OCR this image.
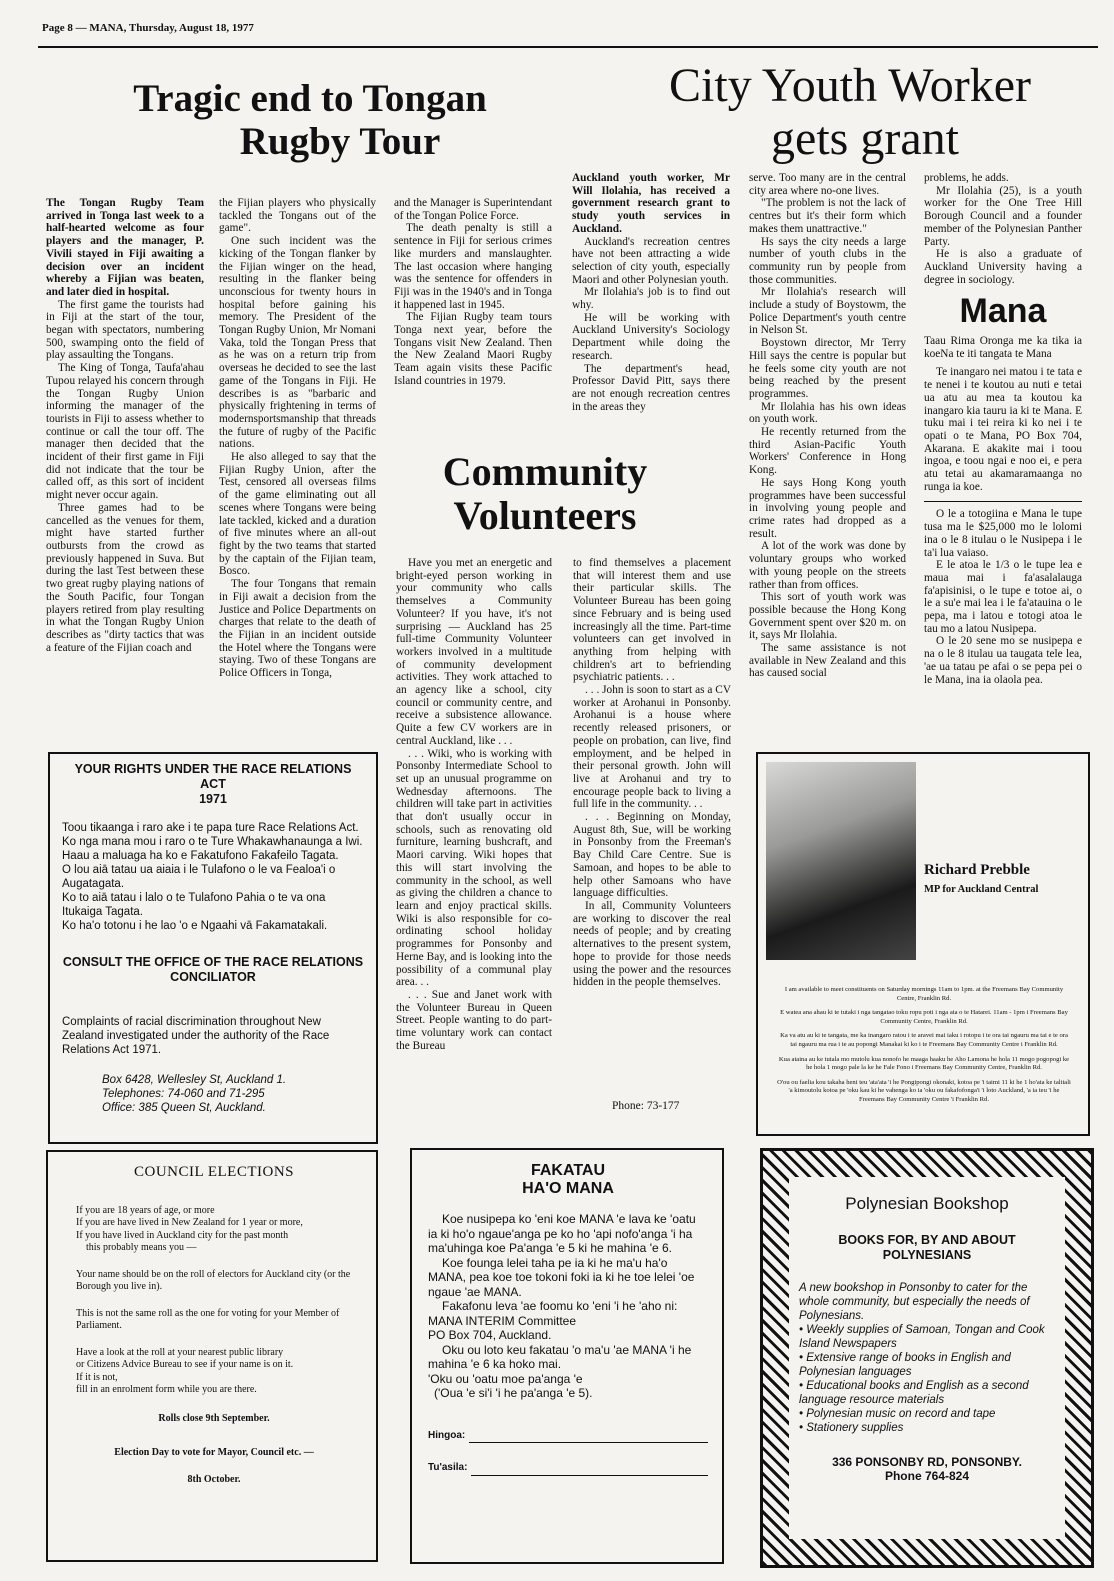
Page 8 — MANA, Thursday, August 18, 1977
Tragic end to Tongan
Rugby Tour

The Tongan Rugby Team arrived in Tonga last week to a half-hearted welcome as four players and the manager, P. Vivili stayed in Fiji awaiting a decision over an incident whereby a Fijian was beaten, and later died in hospital.

The first game the tourists had in Fiji at the start of the tour, began with spectators, numbering 500, swamping onto the field of play assaulting the Tongans.

The King of Tonga, Taufa'ahau Tupou relayed his concern through the Tongan Rugby Union informing the manager of the tourists in Fiji to assess whether to continue or call the tour off. The manager then decided that the incident of their first game in Fiji did not indicate that the tour be called off, as this sort of incident might never occur again.

Three games had to be cancelled as the venues for them, might have started further outbursts from the crowd as previously happened in Suva. But during the last Test between these two great rugby playing nations of the South Pacific, four Tongan players retired from play resulting in what the Tongan Rugby Union describes as "dirty tactics that was a feature of the Fijian coach and

the Fijian players who physically tackled the Tongans out of the game".

One such incident was the kicking of the Tongan flanker by the Fijian winger on the head, resulting in the flanker being unconscious for twenty hours in hospital before gaining his memory. The President of the Tongan Rugby Union, Mr Nomani Vaka, told the Tongan Press that as he was on a return trip from overseas he decided to see the last game of the Tongans in Fiji. He describes is as "barbaric and physically frightening in terms of modernsportsmanship that threads the future of rugby of the Pacific nations.

He also alleged to say that the Fijian Rugby Union, after the Test, censored all overseas films of the game eliminating out all scenes where Tongans were being late tackled, kicked and a duration of five minutes where an all-out fight by the two teams that started by the captain of the Fijian team, Bosco.

The four Tongans that remain in Fiji await a decision from the Justice and Police Departments on charges that relate to the death of the Fijian in an incident outside the Hotel where the Tongans were staying. Two of these Tongans are Police Officers in Tonga,

and the Manager is Superintendant of the Tongan Police Force.

The death penalty is still a sentence in Fiji for serious crimes like murders and manslaughter. The last occasion where hanging was the sentence for offenders in Fiji was in the 1940's and in Tonga it happened last in 1945.

The Fijian Rugby team tours Tonga next year, before the Tongans visit New Zealand. Then the New Zealand Maori Rugby Team again visits these Pacific Island countries in 1979.

City Youth Worker
gets grant

Auckland youth worker, Mr Will Ilolahia, has received a government research grant to study youth services in Auckland.

Auckland's recreation centres have not been attracting a wide selection of city youth, especially Maori and other Polynesian youth.

Mr Ilolahia's job is to find out why.

He will be working with Auckland University's Sociology Department while doing the research.

The department's head, Professor David Pitt, says there are not enough recreation centres in the areas they

serve. Too many are in the central city area where no-one lives.

"The problem is not the lack of centres but it's their form which makes them unattractive."

Hs says the city needs a large number of youth clubs in the community run by people from those communities.

Mr Ilolahia's research will include a study of Boystowm, the Police Department's youth centre in Nelson St.

Boystown director, Mr Terry Hill says the centre is popular but he feels some city youth are not being reached by the present programmes.

Mr Ilolahia has his own ideas on youth work.

He recently returned from the third Asian-Pacific Youth Workers' Conference in Hong Kong.

He says Hong Kong youth programmes have been successful in involving young people and crime rates had dropped as a result.

A lot of the work was done by voluntary groups who worked with young people on the streets rather than from offices.

This sort of youth work was possible because the Hong Kong Government spent over $20 m. on it, says Mr Ilolahia.

The same assistance is not available in New Zealand and this has caused social

problems, he adds.

Mr Ilolahia (25), is a youth worker for the One Tree Hill Borough Council and a founder member of the Polynesian Panther Party.

He is also a graduate of Auckland University having a degree in sociology.

Mana

Taau Rima Oronga me ka tika ia koeNa te iti tangata te Mana

Te inangaro nei matou i te tata e te nenei i te koutou au nuti e tetai ua atu au mea ta koutou ka inangaro kia tauru ia ki te Mana. E tuku mai i tei reira ki ko nei i te opati o te Mana, PO Box 704, Akarana. E akakite mai i toou ingoa, e toou ngai e noo ei, e pera atu tetai au akamaramaanga no runga ia koe.

O le a totogiina e Mana le tupe tusa ma le $25,000 mo le lolomi ina o le 8 itulau o le Nusipepa i le ta'i lua vaiaso.

E le atoa le 1/3 o le tupe lea e maua mai i fa'asalalauga fa'apisinisi, o le tupe e totoe ai, o le a su'e mai lea i le fa'atauina o le pepa, ma i latou e totogi atoa le tau mo a latou Nusipepa.

O le 20 sene mo se nusipepa e na o le 8 itulau ua taugata tele lea, 'ae ua tatau pe afai o se pepa pei o le Mana, ina ia olaola pea.

Community
Volunteers

Have you met an energetic and bright-eyed person working in your community who calls themselves a Community Volunteer? If you have, it's not surprising — Auckland has 25 full-time Community Volunteer workers involved in a multitude of community development activities. They work attached to an agency like a school, city council or community centre, and receive a subsistence allowance. Quite a few CV workers are in central Auckland, like . . .

. . . Wiki, who is working with Ponsonby Intermediate School to set up an unusual programme on Wednesday afternoons. The children will take part in activities that don't usually occur in schools, such as renovating old furniture, learning bushcraft, and Maori carving. Wiki hopes that this will start involving the community in the school, as well as giving the children a chance to learn and enjoy practical skills. Wiki is also responsible for co-ordinating school holiday programmes for Ponsonby and Herne Bay, and is looking into the possibility of a communal play area. . .

. . . Sue and Janet work with the Volunteer Bureau in Queen Street. People wanting to do part-time voluntary work can contact the Bureau

to find themselves a placement that will interest them and use their particular skills. The Volunteer Bureau has been going since February and is being used increasingly all the time. Part-time volunteers can get involved in anything from helping with children's art to befriending psychiatric patients. . .

. . . John is soon to start as a CV worker at Arohanui in Ponsonby. Arohanui is a house where recently released prisoners, or people on probation, can live, find employment, and be helped in their personal growth. John will live at Arohanui and try to encourage people back to living a full life in the community. . .

. . . Beginning on Monday, August 8th, Sue, will be working in Ponsonby from the Freeman's Bay Child Care Centre. Sue is Samoan, and hopes to be able to help other Samoans who have language difficulties.

In all, Community Volunteers are working to discover the real needs of people; and by creating alternatives to the present system, hope to provide for those needs using the power and the resources hidden in the people themselves.

Phone: 73-177
YOUR RIGHTS UNDER THE RACE RELATIONS ACT
1971
Toou tikaanga i raro ake i te papa ture Race Relations Act.
Ko nga mana mou i raro o te Ture Whakawhanaunga a Iwi.
Haau a maluaga ha ko e Fakatufono Fakafeilo Tagata.
O lou aiā tatau ua aiaia i le Tulafono o le va Fealoa'i o Augatagata.
Ko to aiā tatau i lalo o te Tulafono Pahia o te va ona Itukaiga Tagata.
Ko ha'o totonu i he lao 'o e Ngaahi vā Fakamatakali.
CONSULT THE OFFICE OF THE RACE RELATIONS
CONCILIATOR
Complaints of racial discrimination throughout New Zealand investigated under the authority of the Race Relations Act 1971.
Box 6428, Wellesley St, Auckland 1.
Telephones: 74-060 and 71-295
Office: 385 Queen St, Auckland.
Richard Prebble
MP for Auckland Central
I am available to meet constituents on Saturday mornings 11am to 1pm. at the Freemans Bay Community Centre, Franklin Rd.
E watea ana ahau ki te tutaki i nga tangatao toku ropu poti i nga ata o te Hatarei. 11am - 1pm i Freemans Bay Community Centre, Franklin Rd.
Ka va atu au ki te tangata, me ka inangaro ratou i te aravei mai iaku i rotopu i te ora tai ngauru ma tai e te ora tai ngauru ma rua i te au popongi Manakai ki ko i te Freemans Bay Community Centre i Franklin Rd.
Kua ataina au ke tutala mo mutolu kua nonofo he maaga haaku he Aho Lamona he hola 11 mogo pogopogi ke he hola 1 mogo pale la ke he Fale Fono i Freemans Bay Community Centre, Franklin Rd.
O'ou ou faelia kou takaha heni teu 'ata'ata 'i he Pongipongi okonaki, kotoa pe 'i taimi 11 ki he 1 ho'ata ke talitali 'a kimoutolu kotoa pe 'oku kau ki he vahenga ko ia 'oku ou fakafofonga'i 'i loto Auckland, 'a ia teu 'i he Freemans Bay Community Centre 'i Franklin Rd.
COUNCIL ELECTIONS
If you are 18 years of age, or more
If you are have lived in New Zealand for 1 year or more,
If you have lived in Auckland city for the past month
this probably means you —
Your name should be on the roll of electors for Auckland city (or the Borough you live in).
This is not the same roll as the one for voting for your Member of Parliament.
Have a look at the roll at your nearest public library
or Citizens Advice Bureau to see if your name is on it.
If it is not,
fill in an enrolment form while you are there.
Rolls close 9th September.
Election Day to vote for Mayor, Council etc. —
8th October.
FAKATAU
HA'O MANA
Koe nusipepa ko 'eni koe MANA 'e lava ke 'oatu ia ki ho'o ngaue'anga pe ko ho 'api nofo'anga 'i ha ma'uhinga koe Pa'anga 'e 5 ki he mahina 'e 6.
Koe founga lelei taha pe ia ki he ma'u ha'o MANA, pea koe toe tokoni foki ia ki he toe lelei 'oe ngaue 'ae MANA.
Fakafonu leva 'ae foomu ko 'eni 'i he 'aho ni:
MANA INTERIM Committee
PO Box 704, Auckland.
Oku ou loto keu fakatau 'o ma'u 'ae MANA 'i he mahina 'e 6 ka hoko mai.
'Oku ou 'oatu moe pa'anga 'e
('Oua 'e si'i 'i he pa'anga 'e 5).
Hingoa:
Tu'asila:
Polynesian Bookshop
BOOKS FOR, BY AND ABOUT
POLYNESIANS
A new bookshop in Ponsonby to cater for the whole community, but especially the needs of Polynesians.
• Weekly supplies of Samoan, Tongan and Cook Island Newspapers
• Extensive range of books in English and Polynesian languages
• Educational books and English as a second language resource materials
• Polynesian music on record and tape
• Stationery supplies
336 PONSONBY RD, PONSONBY.
Phone 764-824
